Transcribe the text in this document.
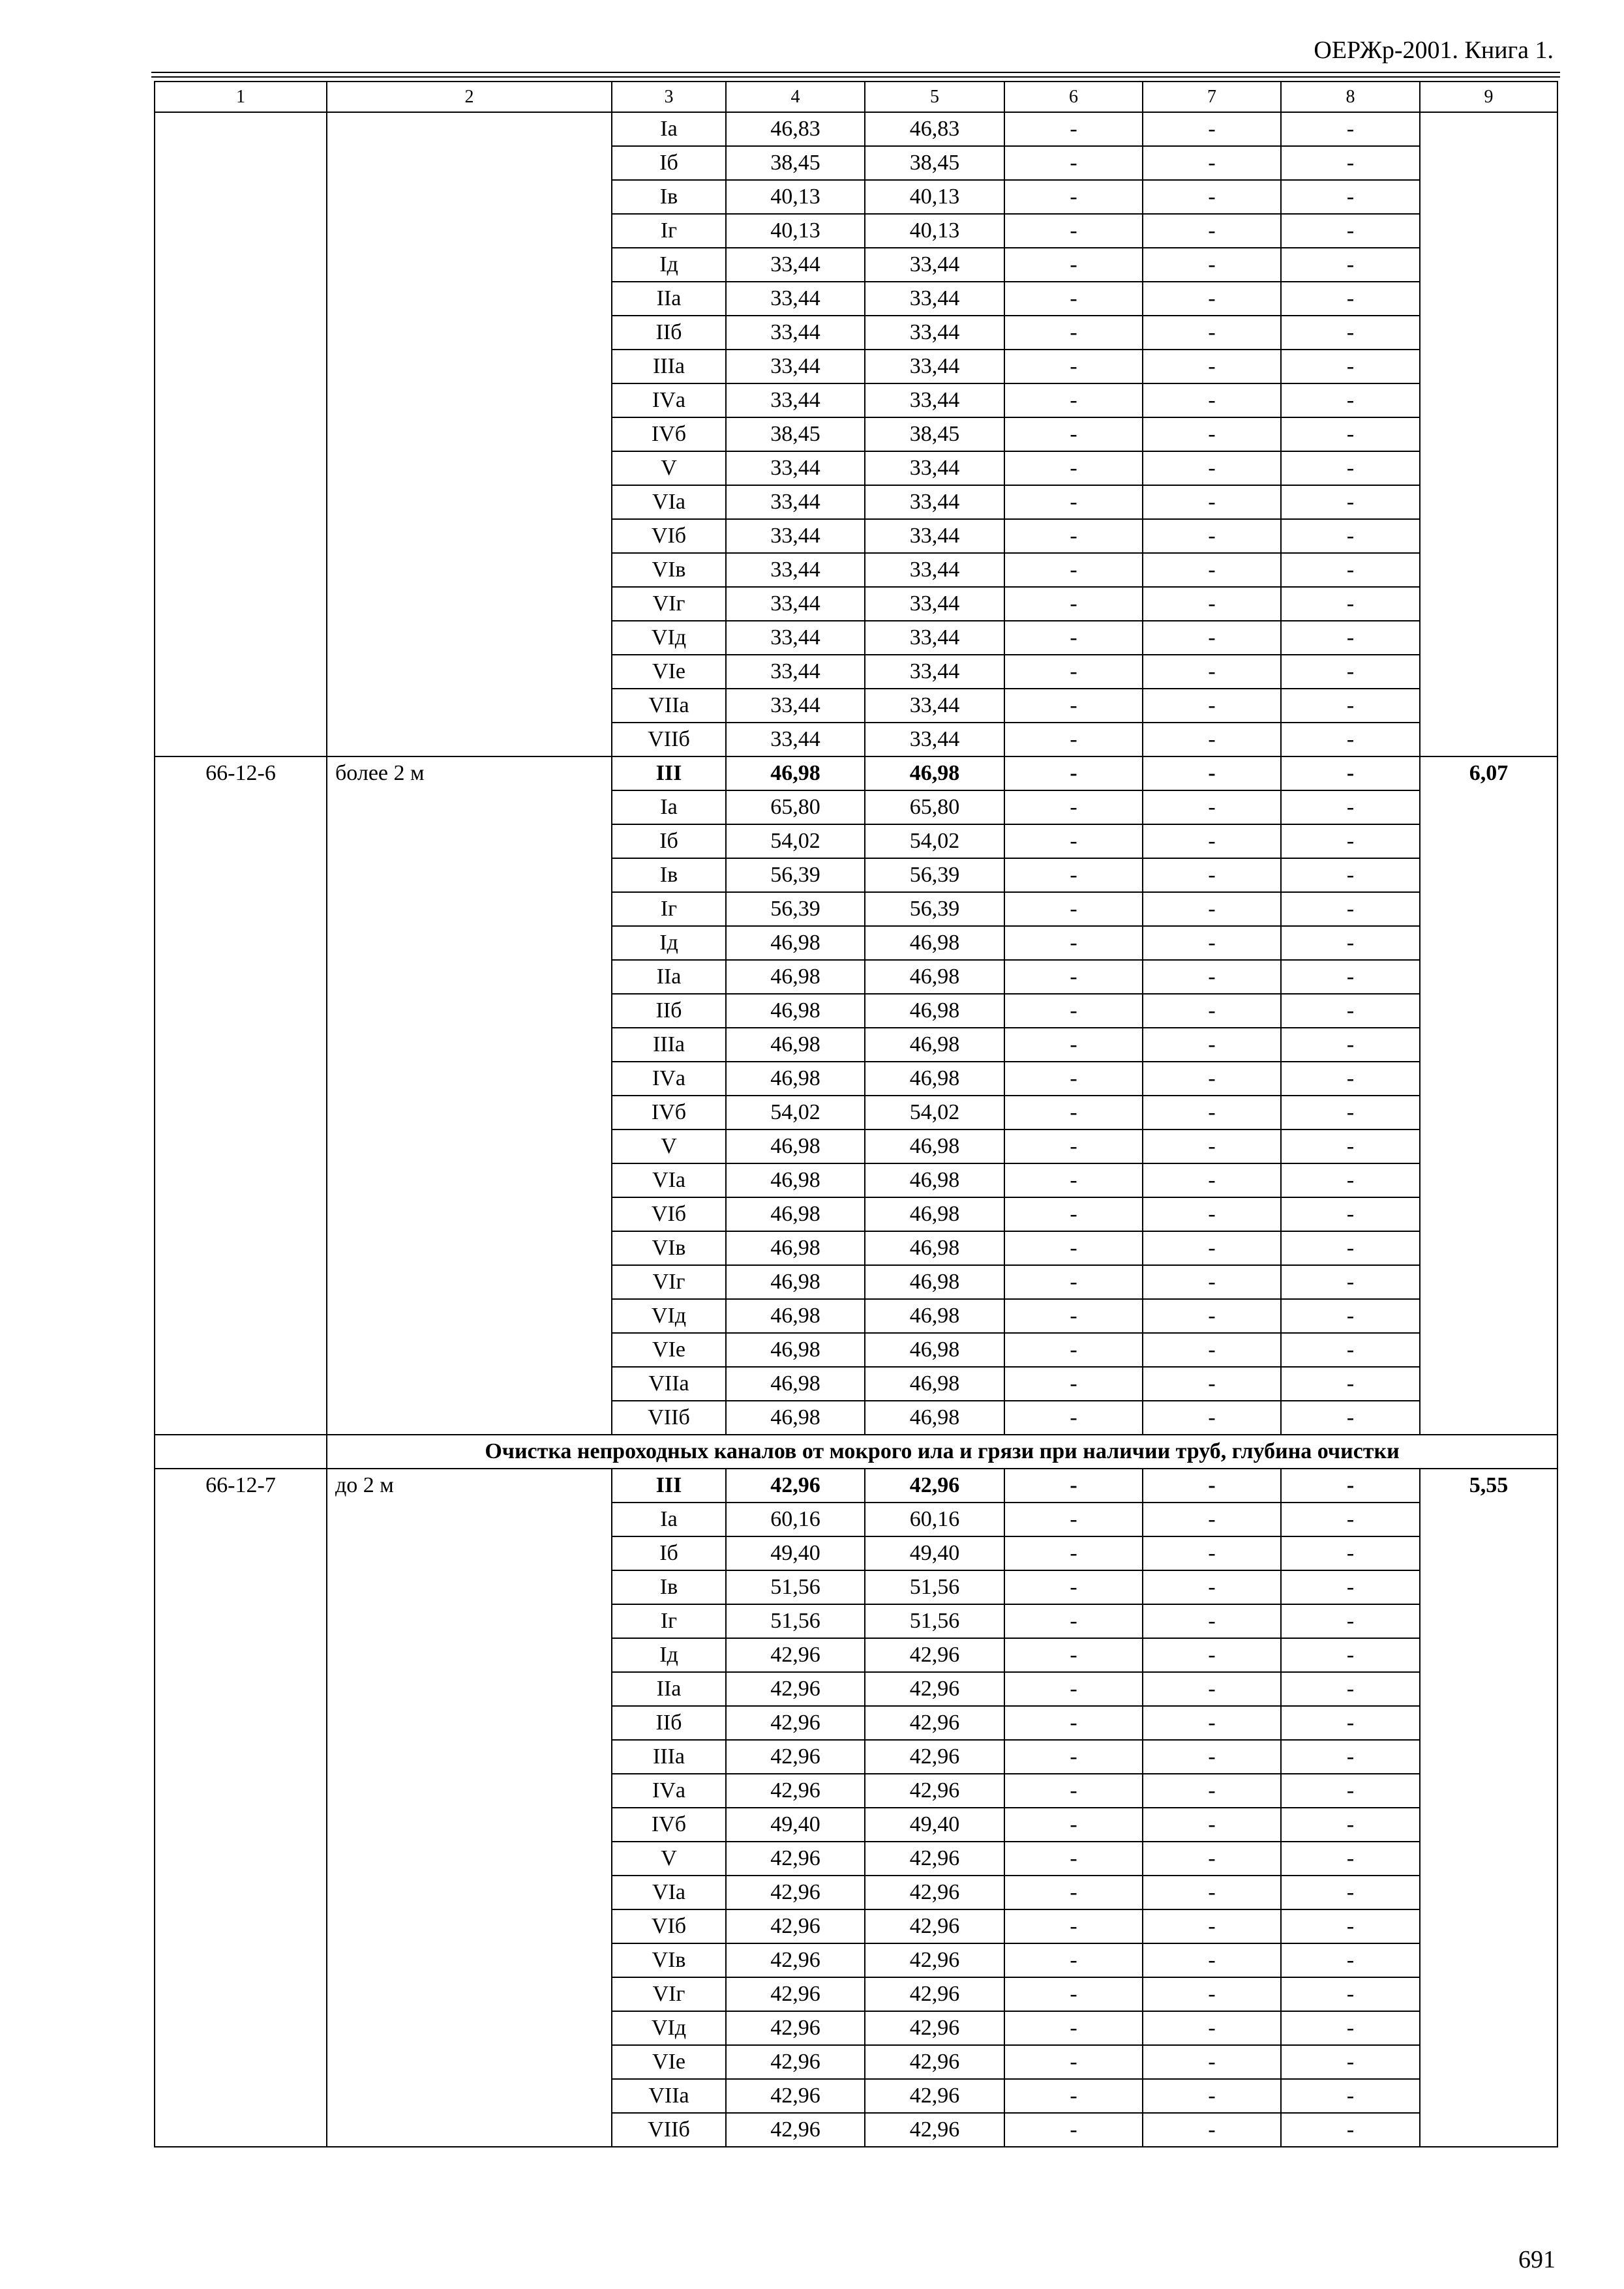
ОЕРЖр-2001. Книга 1.
1	2	3	4	5	6	7	8	9
		Iа	46,83	46,83	-	-	-	
		Iб	38,45	38,45	-	-	-	
		Iв	40,13	40,13	-	-	-	
		Iг	40,13	40,13	-	-	-	
		Iд	33,44	33,44	-	-	-	
		IIа	33,44	33,44	-	-	-	
		IIб	33,44	33,44	-	-	-	
		IIIа	33,44	33,44	-	-	-	
		IVа	33,44	33,44	-	-	-	
		IVб	38,45	38,45	-	-	-	
		V	33,44	33,44	-	-	-	
		VIа	33,44	33,44	-	-	-	
		VIб	33,44	33,44	-	-	-	
		VIв	33,44	33,44	-	-	-	
		VIг	33,44	33,44	-	-	-	
		VIд	33,44	33,44	-	-	-	
		VIе	33,44	33,44	-	-	-	
		VIIа	33,44	33,44	-	-	-	
		VIIб	33,44	33,44	-	-	-	
66-12-6	более 2 м	III	46,98	46,98	-	-	-	6,07
		Iа	65,80	65,80	-	-	-	
		Iб	54,02	54,02	-	-	-	
		Iв	56,39	56,39	-	-	-	
		Iг	56,39	56,39	-	-	-	
		Iд	46,98	46,98	-	-	-	
		IIа	46,98	46,98	-	-	-	
		IIб	46,98	46,98	-	-	-	
		IIIа	46,98	46,98	-	-	-	
		IVа	46,98	46,98	-	-	-	
		IVб	54,02	54,02	-	-	-	
		V	46,98	46,98	-	-	-	
		VIа	46,98	46,98	-	-	-	
		VIб	46,98	46,98	-	-	-	
		VIв	46,98	46,98	-	-	-	
		VIг	46,98	46,98	-	-	-	
		VIд	46,98	46,98	-	-	-	
		VIе	46,98	46,98	-	-	-	
		VIIа	46,98	46,98	-	-	-	
		VIIб	46,98	46,98	-	-	-	
	Очистка непроходных каналов от мокрого ила и грязи при наличии труб, глубина очистки							
66-12-7	до 2 м	III	42,96	42,96	-	-	-	5,55
		Iа	60,16	60,16	-	-	-	
		Iб	49,40	49,40	-	-	-	
		Iв	51,56	51,56	-	-	-	
		Iг	51,56	51,56	-	-	-	
		Iд	42,96	42,96	-	-	-	
		IIа	42,96	42,96	-	-	-	
		IIб	42,96	42,96	-	-	-	
		IIIа	42,96	42,96	-	-	-	
		IVа	42,96	42,96	-	-	-	
		IVб	49,40	49,40	-	-	-	
		V	42,96	42,96	-	-	-	
		VIа	42,96	42,96	-	-	-	
		VIб	42,96	42,96	-	-	-	
		VIв	42,96	42,96	-	-	-	
		VIг	42,96	42,96	-	-	-	
		VIд	42,96	42,96	-	-	-	
		VIе	42,96	42,96	-	-	-	
		VIIа	42,96	42,96	-	-	-	
		VIIб	42,96	42,96	-	-	-	
691
